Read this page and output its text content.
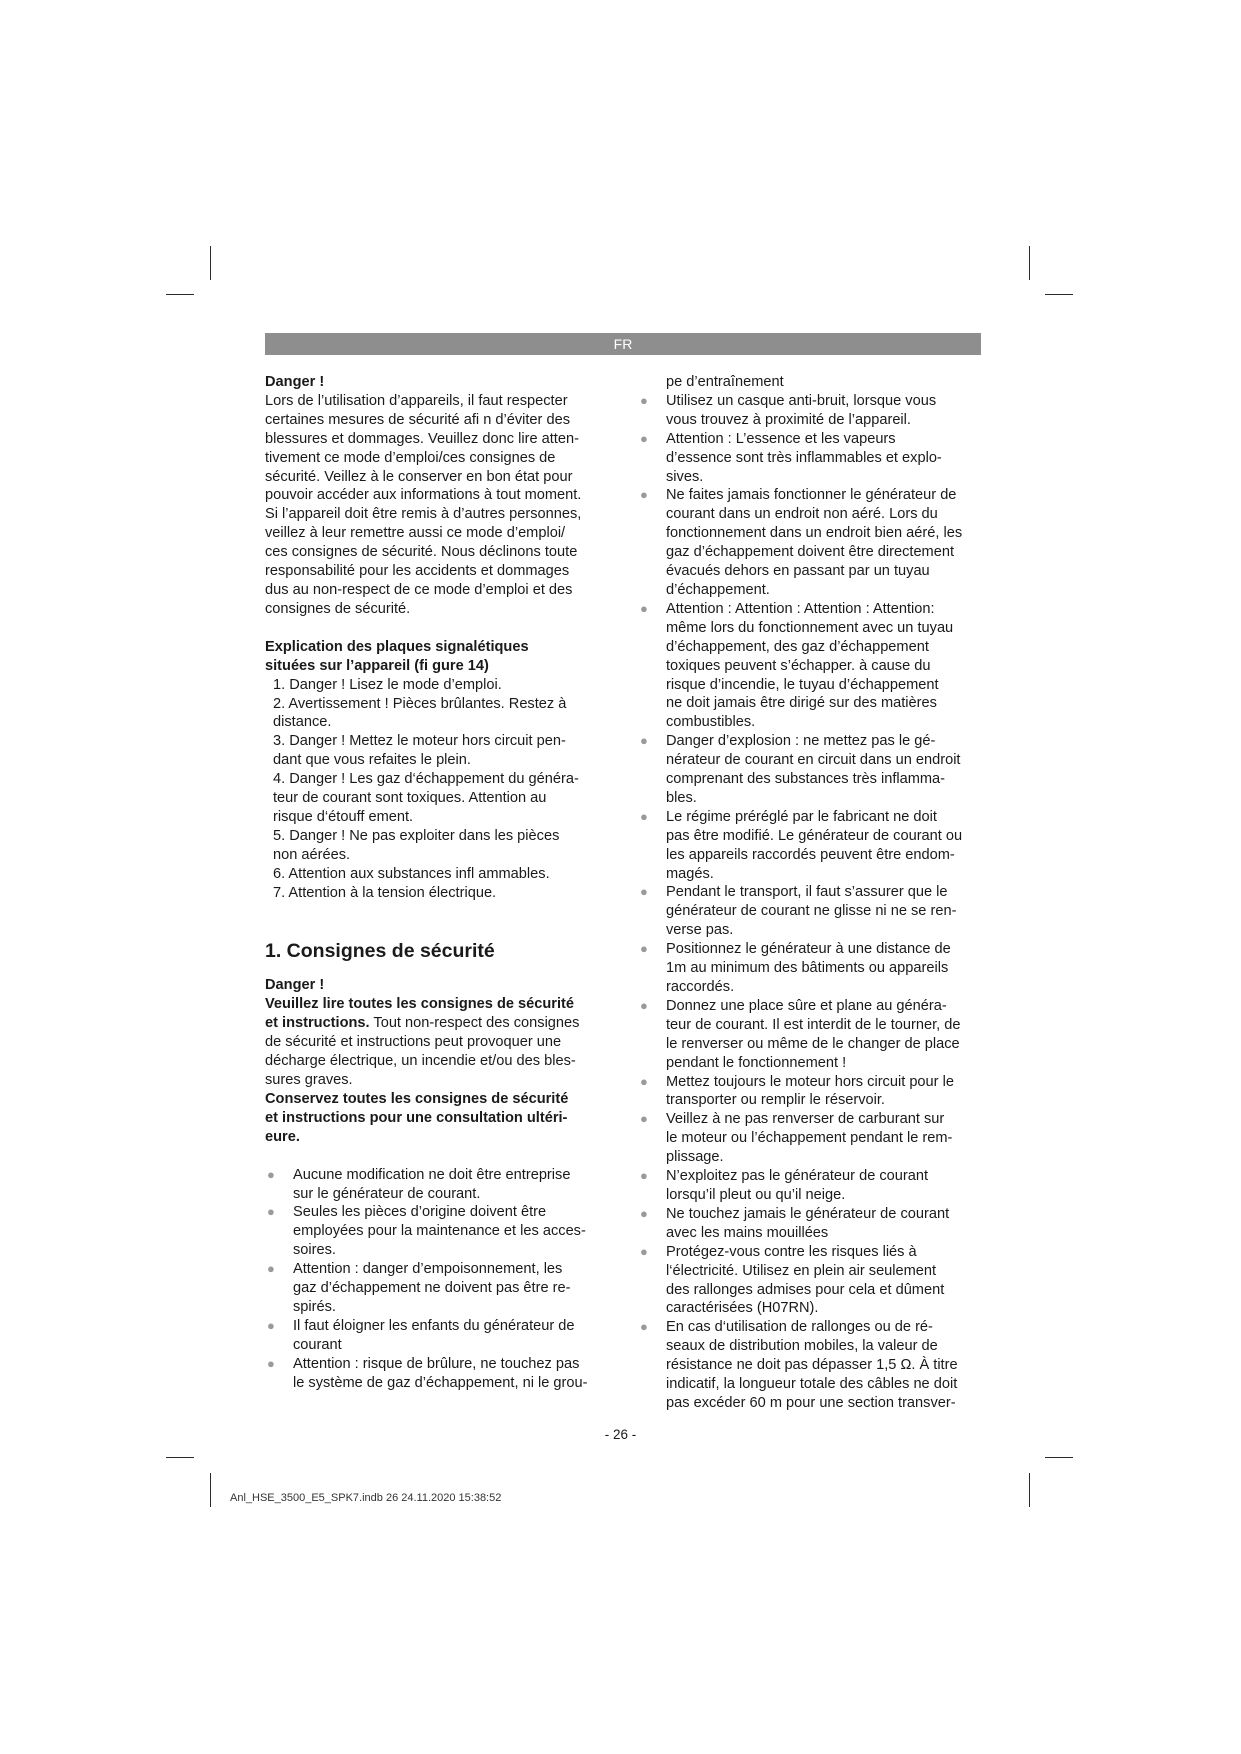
FR

Danger !

Lors de l’utilisation d’appareils, il faut respecter
certaines mesures de sécurité afi n d’éviter des
blessures et dommages. Veuillez donc lire atten-
tivement ce mode d’emploi/ces consignes de
sécurité. Veillez à le conserver en bon état pour
pouvoir accéder aux informations à tout moment.
Si l’appareil doit être remis à d’autres personnes,
veillez à leur remettre aussi ce mode d’emploi/
ces consignes de sécurité. Nous déclinons toute
responsabilité pour les accidents et dommages
dus au non-respect de ce mode d’emploi et des
consignes de sécurité.
Explication des plaques signalétiques
situées sur l’appareil (fi gure 14)
1. Danger ! Lisez le mode d’emploi.
2. Avertissement ! Pièces brûlantes. Restez à
distance.
3. Danger ! Mettez le moteur hors circuit pen-
dant que vous refaites le plein.
4. Danger ! Les gaz d‘échappement du généra-
teur de courant sont toxiques. Attention au
risque d‘étouff ement.
5. Danger ! Ne pas exploiter dans les pièces
non aérées.
6. Attention aux substances infl ammables.
7. Attention à la tension électrique.
1. Consignes de sécurité

Danger !

Veuillez lire toutes les consignes de sécurité
et instructions. Tout non-respect des consignes
de sécurité et instructions peut provoquer une
décharge électrique, un incendie et/ou des bles-
sures graves.
Conservez toutes les consignes de sécurité
et instructions pour une consultation ultéri-
eure.
● Aucune modification ne doit être entreprise
sur le générateur de courant.
● Seules les pièces d’origine doivent être
employées pour la maintenance et les acces-
soires.
● Attention : danger d’empoisonnement, les
gaz d’échappement ne doivent pas être re-
spirés.
● Il faut éloigner les enfants du générateur de
courant
● Attention : risque de brûlure, ne touchez pas
le système de gaz d’échappement, ni le grou-

pe d’entraînement

● Utilisez un casque anti-bruit, lorsque vous
vous trouvez à proximité de l’appareil.
● Attention : L’essence et les vapeurs
d’essence sont très inflammables et explo-
sives.
● Ne faites jamais fonctionner le générateur de
courant dans un endroit non aéré. Lors du
fonctionnement dans un endroit bien aéré, les
gaz d’échappement doivent être directement
évacués dehors en passant par un tuyau
d’échappement.
● Attention : Attention : Attention : Attention:
même lors du fonctionnement avec un tuyau
d’échappement, des gaz d’échappement
toxiques peuvent s’échapper. à cause du
risque d’incendie, le tuyau d’échappement
ne doit jamais être dirigé sur des matières
combustibles.
● Danger d’explosion : ne mettez pas le gé-
nérateur de courant en circuit dans un endroit
comprenant des substances très inflamma-
bles.
● Le régime préréglé par le fabricant ne doit
pas être modifié. Le générateur de courant ou
les appareils raccordés peuvent être endom-
magés.
● Pendant le transport, il faut s’assurer que le
générateur de courant ne glisse ni ne se ren-
verse pas.
● Positionnez le générateur à une distance de
1m au minimum des bâtiments ou appareils
raccordés.
● Donnez une place sûre et plane au généra-
teur de courant. Il est interdit de le tourner, de
le renverser ou même de le changer de place
pendant le fonctionnement !
● Mettez toujours le moteur hors circuit pour le
transporter ou remplir le réservoir.
● Veillez à ne pas renverser de carburant sur
le moteur ou l’échappement pendant le rem-
plissage.
● N’exploitez pas le générateur de courant
lorsqu’il pleut ou qu’il neige.
● Ne touchez jamais le générateur de courant
avec les mains mouillées
● Protégez-vous contre les risques liés à
l‘électricité. Utilisez en plein air seulement
des rallonges admises pour cela et dûment
caractérisées (H07RN).
● En cas d‘utilisation de rallonges ou de ré-
seaux de distribution mobiles, la valeur de
résistance ne doit pas dépasser 1,5 Ω. À titre
indicatif, la longueur totale des câbles ne doit
pas excéder 60 m pour une section transver-
- 26 -
Anl_HSE_3500_E5_SPK7.indb 26 24.11.2020 15:38:52
